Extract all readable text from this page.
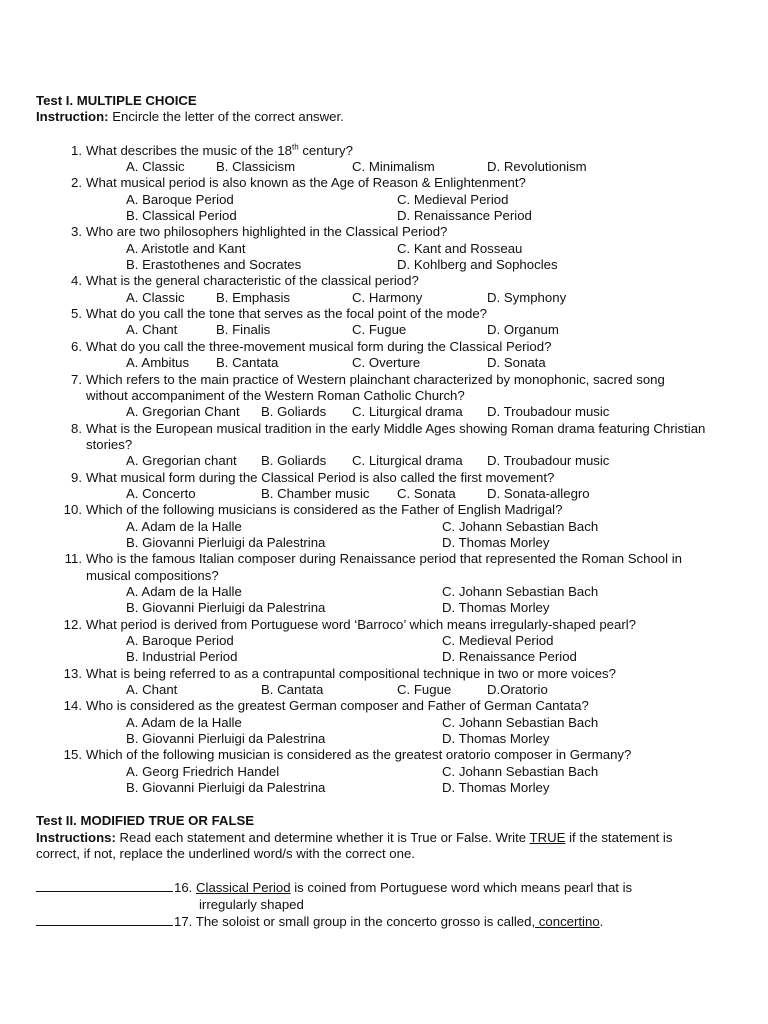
Test I. MULTIPLE CHOICE
Instruction: Encircle the letter of the correct answer.
1. What describes the music of the 18th century?
A. Classic B. Classicism	C. Minimalism	D. Revolutionism
2. What musical period is also known as the Age of Reason & Enlightenment?
A. Baroque Period	C. Medieval Period
B. Classical Period	D. Renaissance Period
3. Who are two philosophers highlighted in the Classical Period?
A. Aristotle and Kant	C. Kant and Rosseau
B. Erastothenes and Socrates	D. Kohlberg and Sophocles
4. What is the general characteristic of the classical period?
A. Classic B. Emphasis	C. Harmony	D. Symphony
5. What do you call the tone that serves as the focal point of the mode?
A. Chant	B. Finalis	C. Fugue	D. Organum
6. What do you call the three-movement musical form during the Classical Period?
A. Ambitus B. Cantata	C. Overture	D. Sonata
7. Which refers to the main practice of Western plainchant characterized by monophonic, sacred song
without accompaniment of the Western Roman Catholic Church?
A. Gregorian Chant B. Goliards C. Liturgical drama D. Troubadour music
8. What is the European musical tradition in the early Middle Ages showing Roman drama featuring Christian
stories?
A. Gregorian chant B. Goliards C. Liturgical drama D. Troubadour music
9. What musical form during the Classical Period is also called the first movement?
A. Concerto	B. Chamber music C. Sonata D. Sonata-allegro
10. Which of the following musicians is considered as the Father of English Madrigal?
A. Adam de la Halle	C. Johann Sebastian Bach
B. Giovanni Pierluigi da Palestrina	D. Thomas Morley
11. Who is the famous Italian composer during Renaissance period that represented the Roman School in
musical compositions?
A. Adam de la Halle	C. Johann Sebastian Bach
B. Giovanni Pierluigi da Palestrina	D. Thomas Morley
12. What period is derived from Portuguese word ‘Barroco’ which means irregularly-shaped pearl?
A. Baroque Period	C. Medieval Period
B. Industrial Period	D. Renaissance Period
13. What is being referred to as a contrapuntal compositional technique in two or more voices?
A. Chant	B. Cantata	C. Fugue	D.Oratorio
14. Who is considered as the greatest German composer and Father of German Cantata?
A. Adam de la Halle	C. Johann Sebastian Bach
B. Giovanni Pierluigi da Palestrina	D. Thomas Morley
15. Which of the following musician is considered as the greatest oratorio composer in Germany?
A. Georg Friedrich Handel	C. Johann Sebastian Bach
B. Giovanni Pierluigi da Palestrina	D. Thomas Morley
Test II. MODIFIED TRUE OR FALSE
Instructions: Read each statement and determine whether it is True or False. Write TRUE if the statement is
correct, if not, replace the underlined word/s with the correct one.
16. Classical Period is coined from Portuguese word which means pearl that is
irregularly shaped
17. The soloist or small group in the concerto grosso is called, concertino.
